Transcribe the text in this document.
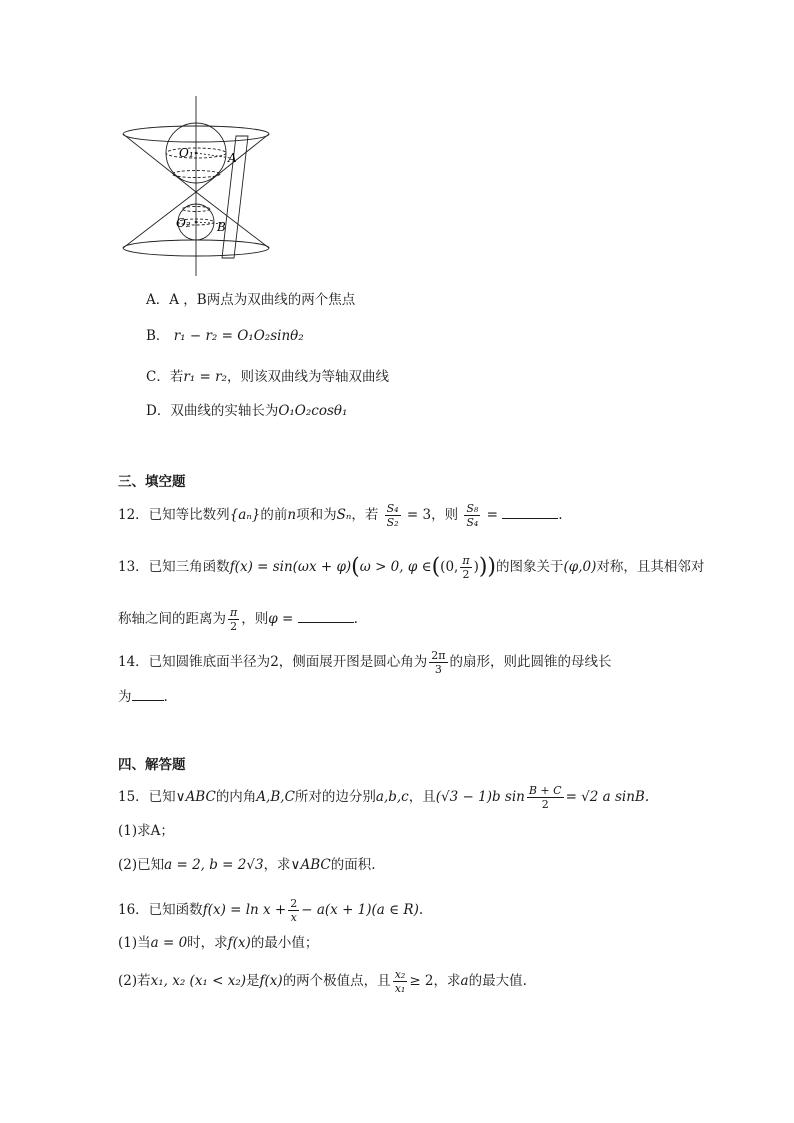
O₁	A
O₂ B
A．A ，B两点为双曲线的两个焦点
B． r₁ − r₂ = O₁O₂sinθ₂
C．若r₁ = r₂，则该双曲线为等轴双曲线
D．双曲线的实轴长为O₁O₂cosθ₁
三、填空题
12．已知等比数列{aₙ}的前n项和为Sₙ，若 $\frac{\text{S₄}}{\text{S₂}} = 3$，则 $\frac{\text{S₈}}{\text{S₄}}$ =	.
13．已知三角函数f(x) = sin(ωx + φ)(ω > 0, φ ∈((0, $\frac{\pi}{2}$ )))的图象关于(φ,0)对称，且其相邻对
称轴之间的距离为 $\frac{\pi}{2}$ ，则φ =	.
14．已知圆锥底面半径为2，侧面展开图是圆心角为 $\frac{2\pi}{3}$ 的扇形，则此圆锥的母线长
为 .
四、解答题
15．已知∨ABC的内角A,B,C所对的边分别a,b,c，且(√3 − 1)b $\sin \frac{B + C}{2} = √2$ a sinB.
(1)求A；
(2)已知a = 2, b = 2√3，求∨ABC的面积.
16．已知函数$f(x) = \ln x + \frac{2}{x} - a(x + 1)(a$ ∈ R).
(1)当a = 0时，求f(x)的最小值；
(2)若x₁, x₂ (x₁ < x₂)是f(x)的两个极值点，且 $\frac{\text{x₂}}{\text{x₁}} \ge 2$，求a的最大值.
